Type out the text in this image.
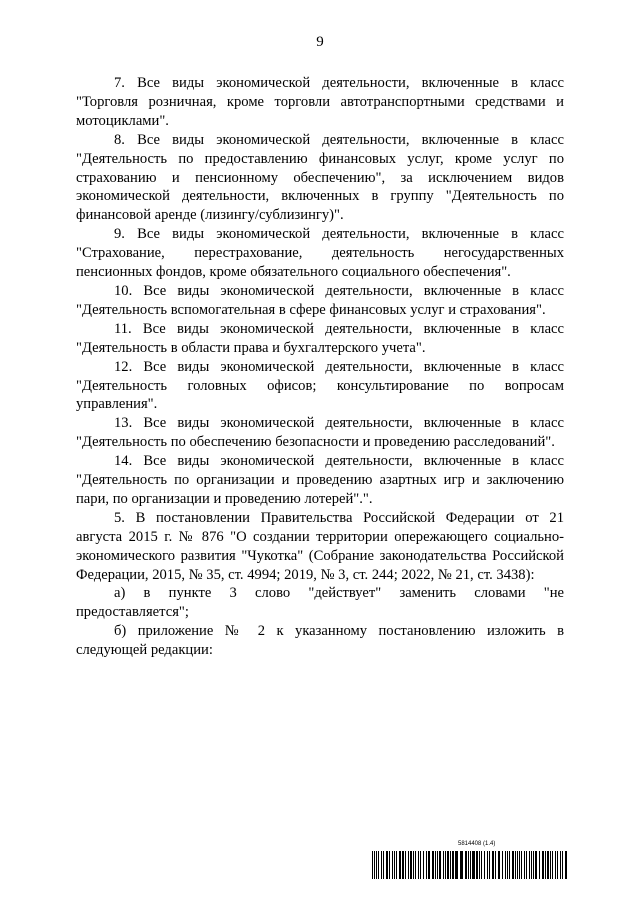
9

7. Все виды экономической деятельности, включенные в класс "Торговля розничная, кроме торговли автотранспортными средствами и мотоциклами".

8. Все виды экономической деятельности, включенные в класс "Деятельность по предоставлению финансовых услуг, кроме услуг по страхованию и пенсионному обеспечению", за исключением видов экономической деятельности, включенных в группу "Деятельность по финансовой аренде (лизингу/сублизингу)".

9. Все виды экономической деятельности, включенные в класс "Страхование, перестрахование, деятельность негосударственных пенсионных фондов, кроме обязательного социального обеспечения".

10. Все виды экономической деятельности, включенные в класс "Деятельность вспомогательная в сфере финансовых услуг и страхования".

11. Все виды экономической деятельности, включенные в класс "Деятельность в области права и бухгалтерского учета".

12. Все виды экономической деятельности, включенные в класс "Деятельность головных офисов; консультирование по вопросам управления".

13. Все виды экономической деятельности, включенные в класс "Деятельность по обеспечению безопасности и проведению расследований".

14. Все виды экономической деятельности, включенные в класс "Деятельность по организации и проведению азартных игр и заключению пари, по организации и проведению лотерей".".

5. В постановлении Правительства Российской Федерации от 21 августа 2015 г. № 876 "О создании территории опережающего социально-экономического развития "Чукотка" (Собрание законодательства Российской Федерации, 2015, № 35, ст. 4994; 2019, № 3, ст. 244; 2022, № 21, ст. 3438):

а) в пункте 3 слово "действует" заменить словами "не предоставляется";

б) приложение № 2 к указанному постановлению изложить в следующей редакции:

5814408 (1.4)
